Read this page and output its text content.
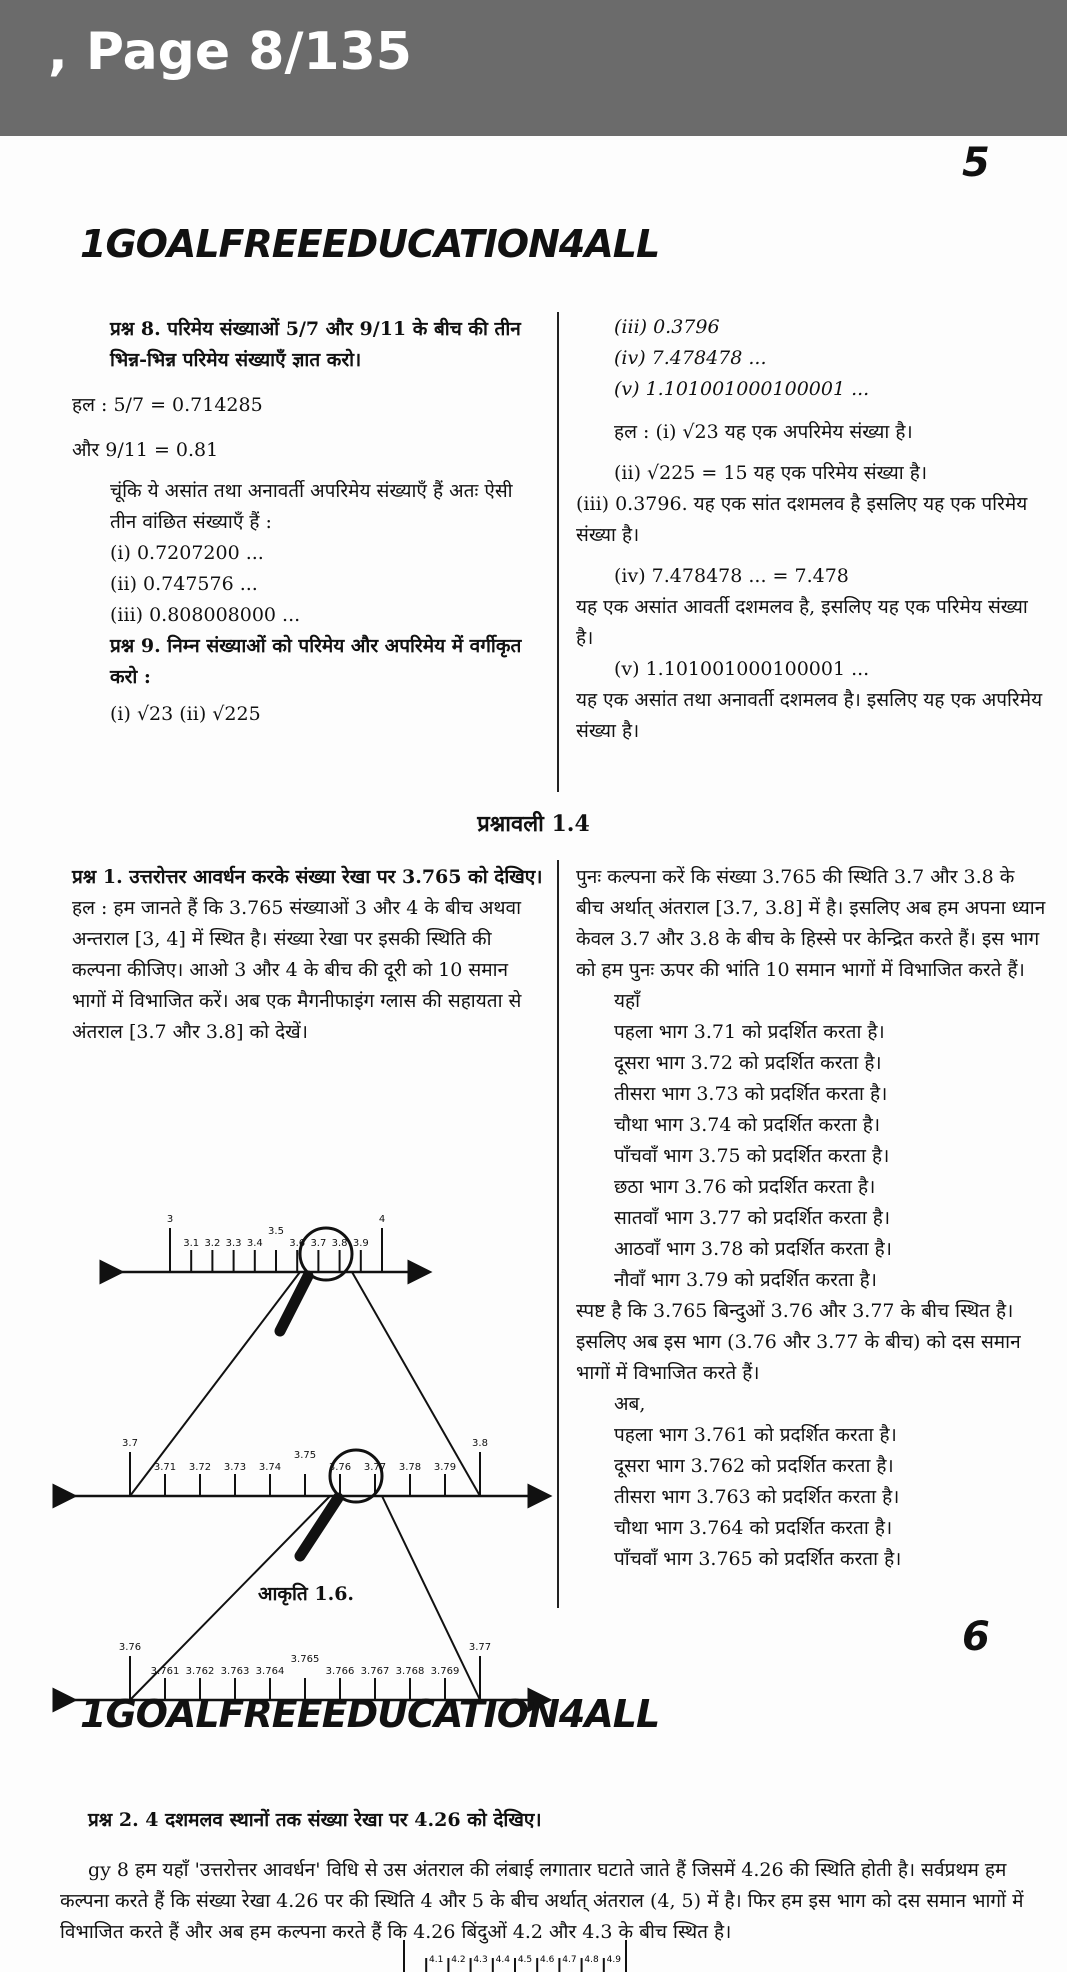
, Page 8/135
5
1GOALFREEEDUCATION4ALL

प्रश्न 8. परिमेय संख्याओं 5/7 और 9/11 के बीच की तीन भिन्न-भिन्न परिमेय संख्याएँ ज्ञात करो।

हल : 5/7 = 0.714285

और 9/11 = 0.81

चूंकि ये असांत तथा अनावर्ती अपरिमेय संख्याएँ हैं अतः ऐसी तीन वांछित संख्याएँ हैं :

(i) 0.7207200 ...

(ii) 0.747576 ...

(iii) 0.808008000 ...

प्रश्न 9. निम्न संख्याओं को परिमेय और अपरिमेय में वर्गीकृत करो :

(i) √23 (ii) √225

(iii) 0.3796

(iv) 7.478478 ...

(v) 1.101001000100001 ...

हल : (i) √23 यह एक अपरिमेय संख्या है।

(ii) √225 = 15 यह एक परिमेय संख्या है।

(iii) 0.3796. यह एक सांत दशमलव है इसलिए यह एक परिमेय संख्या है।

(iv) 7.478478 ... = 7.478

यह एक असांत आवर्ती दशमलव है, इसलिए यह एक परिमेय संख्या है।

(v) 1.101001000100001 ...

यह एक असांत तथा अनावर्ती दशमलव है। इसलिए यह एक अपरिमेय संख्या है।

प्रश्नावली 1.4

प्रश्न 1. उत्तरोत्तर आवर्धन करके संख्या रेखा पर 3.765 को देखिए।

हल : हम जानते हैं कि 3.765 संख्याओं 3 और 4 के बीच अथवा अन्तराल [3, 4] में स्थित है। संख्या रेखा पर इसकी स्थिति की कल्पना कीजिए। आओ 3 और 4 के बीच की दूरी को 10 समान भागों में विभाजित करें। अब एक मैगनीफाइंग ग्लास की सहायता से अंतराल [3.7 और 3.8] को देखें।

3
3.1 3.2 3.3 3.4
3.5
3.6 3.7 3.8 3.9
4
3.7
3.71 3.72 3.73 3.74
3.75
3.76 3.77 3.78 3.79
3.8
3.76
3.761 3.762 3.763 3.764
3.765
3.766 3.767 3.768 3.769
3.77
आकृति 1.6.

पुनः कल्पना करें कि संख्या 3.765 की स्थिति 3.7 और 3.8 के बीच अर्थात् अंतराल [3.7, 3.8] में है। इसलिए अब हम अपना ध्यान केवल 3.7 और 3.8 के बीच के हिस्से पर केन्द्रित करते हैं। इस भाग को हम पुनः ऊपर की भांति 10 समान भागों में विभाजित करते हैं।

यहाँ

पहला भाग 3.71 को प्रदर्शित करता है।

दूसरा भाग 3.72 को प्रदर्शित करता है।

तीसरा भाग 3.73 को प्रदर्शित करता है।

चौथा भाग 3.74 को प्रदर्शित करता है।

पाँचवाँ भाग 3.75 को प्रदर्शित करता है।

छठा भाग 3.76 को प्रदर्शित करता है।

सातवाँ भाग 3.77 को प्रदर्शित करता है।

आठवाँ भाग 3.78 को प्रदर्शित करता है।

नौवाँ भाग 3.79 को प्रदर्शित करता है।

स्पष्ट है कि 3.765 बिन्दुओं 3.76 और 3.77 के बीच स्थित है। इसलिए अब इस भाग (3.76 और 3.77 के बीच) को दस समान भागों में विभाजित करते हैं।

अब,

पहला भाग 3.761 को प्रदर्शित करता है।

दूसरा भाग 3.762 को प्रदर्शित करता है।

तीसरा भाग 3.763 को प्रदर्शित करता है।

चौथा भाग 3.764 को प्रदर्शित करता है।

पाँचवाँ भाग 3.765 को प्रदर्शित करता है।

6
1GOALFREEEDUCATION4ALL

प्रश्न 2. 4 दशमलव स्थानों तक संख्या रेखा पर 4.26 को देखिए।

gy 8 हम यहाँ 'उत्तरोत्तर आवर्धन' विधि से उस अंतराल की लंबाई लगातार घटाते जाते हैं जिसमें 4.26 की स्थिति होती है। सर्वप्रथम हम कल्पना करते हैं कि संख्या रेखा 4.26 पर की स्थिति 4 और 5 के बीच अर्थात् अंतराल (4, 5) में है। फिर हम इस भाग को दस समान भागों में विभाजित करते हैं और अब हम कल्पना करते हैं कि 4.26 बिंदुओं 4.2 और 4.3 के बीच स्थित है।

4.1 4.2 4.3 4.4 4.5 4.6 4.7 4.8 4.9
